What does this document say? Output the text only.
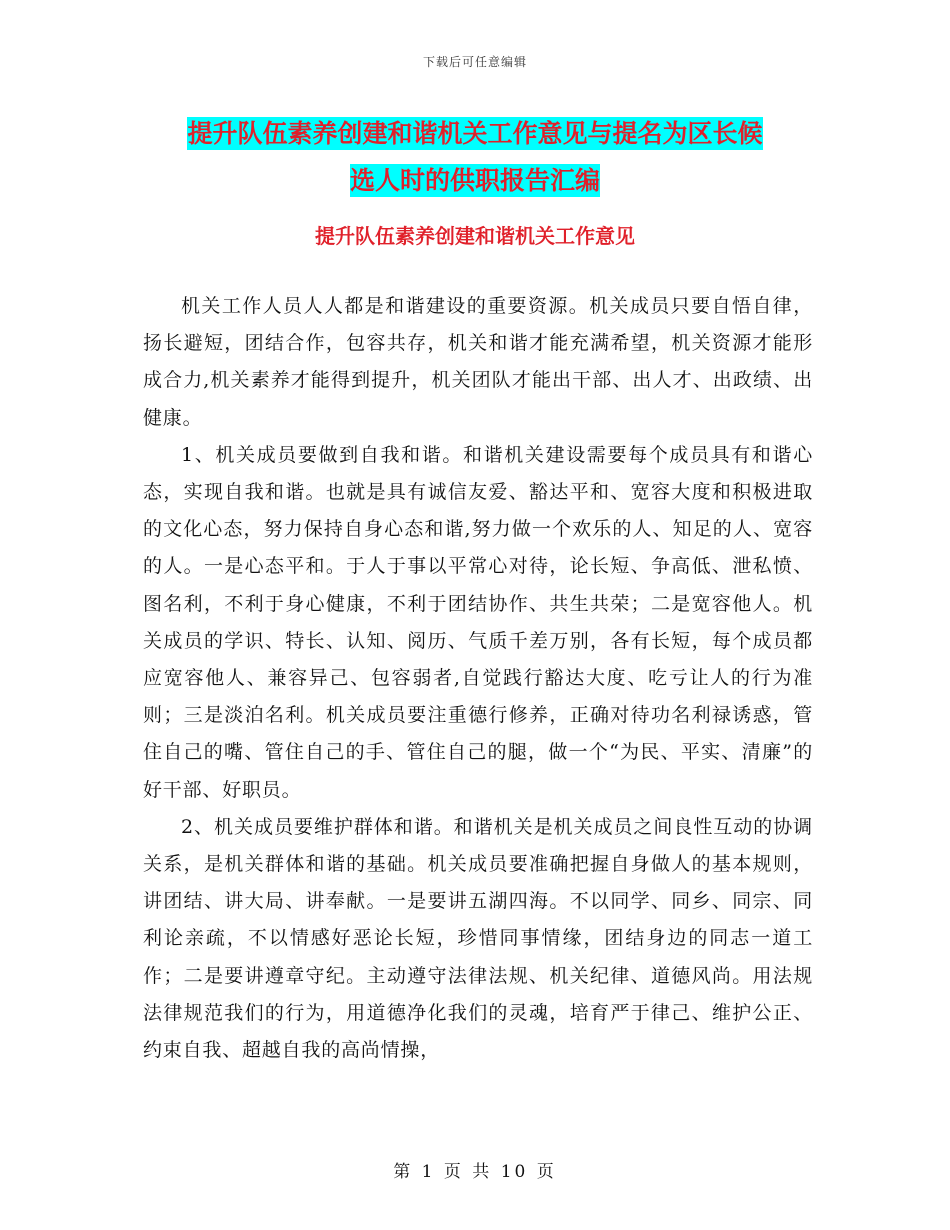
下载后可任意编辑
提升队伍素养创建和谐机关工作意见与提名为区长候
选人时的供职报告汇编
提升队伍素养创建和谐机关工作意见

机关工作人员人人都是和谐建设的重要资源。机关成员只要自悟自律，扬长避短，团结合作，包容共存，机关和谐才能充满希望，机关资源才能形成合力,机关素养才能得到提升，机关团队才能出干部、出人才、出政绩、出健康。

1、机关成员要做到自我和谐。和谐机关建设需要每个成员具有和谐心态，实现自我和谐。也就是具有诚信友爱、豁达平和、宽容大度和积极进取的文化心态，努力保持自身心态和谐,努力做一个欢乐的人、知足的人、宽容的人。一是心态平和。于人于事以平常心对待，论长短、争高低、泄私愤、图名利，不利于身心健康，不利于团结协作、共生共荣；二是宽容他人。机关成员的学识、特长、认知、阅历、气质千差万别，各有长短，每个成员都应宽容他人、兼容异己、包容弱者,自觉践行豁达大度、吃亏让人的行为准则；三是淡泊名利。机关成员要注重德行修养，正确对待功名利禄诱惑，管住自己的嘴、管住自己的手、管住自己的腿，做一个“为民、平实、清廉”的好干部、好职员。

2、机关成员要维护群体和谐。和谐机关是机关成员之间良性互动的协调关系，是机关群体和谐的基础。机关成员要准确把握自身做人的基本规则，讲团结、讲大局、讲奉献。一是要讲五湖四海。不以同学、同乡、同宗、同利论亲疏，不以情感好恶论长短，珍惜同事情缘，团结身边的同志一道工作；二是要讲遵章守纪。主动遵守法律法规、机关纪律、道德风尚。用法规法律规范我们的行为，用道德净化我们的灵魂，培育严于律己、维护公正、约束自我、超越自我的高尚情操，

第 1 页 共 10 页
